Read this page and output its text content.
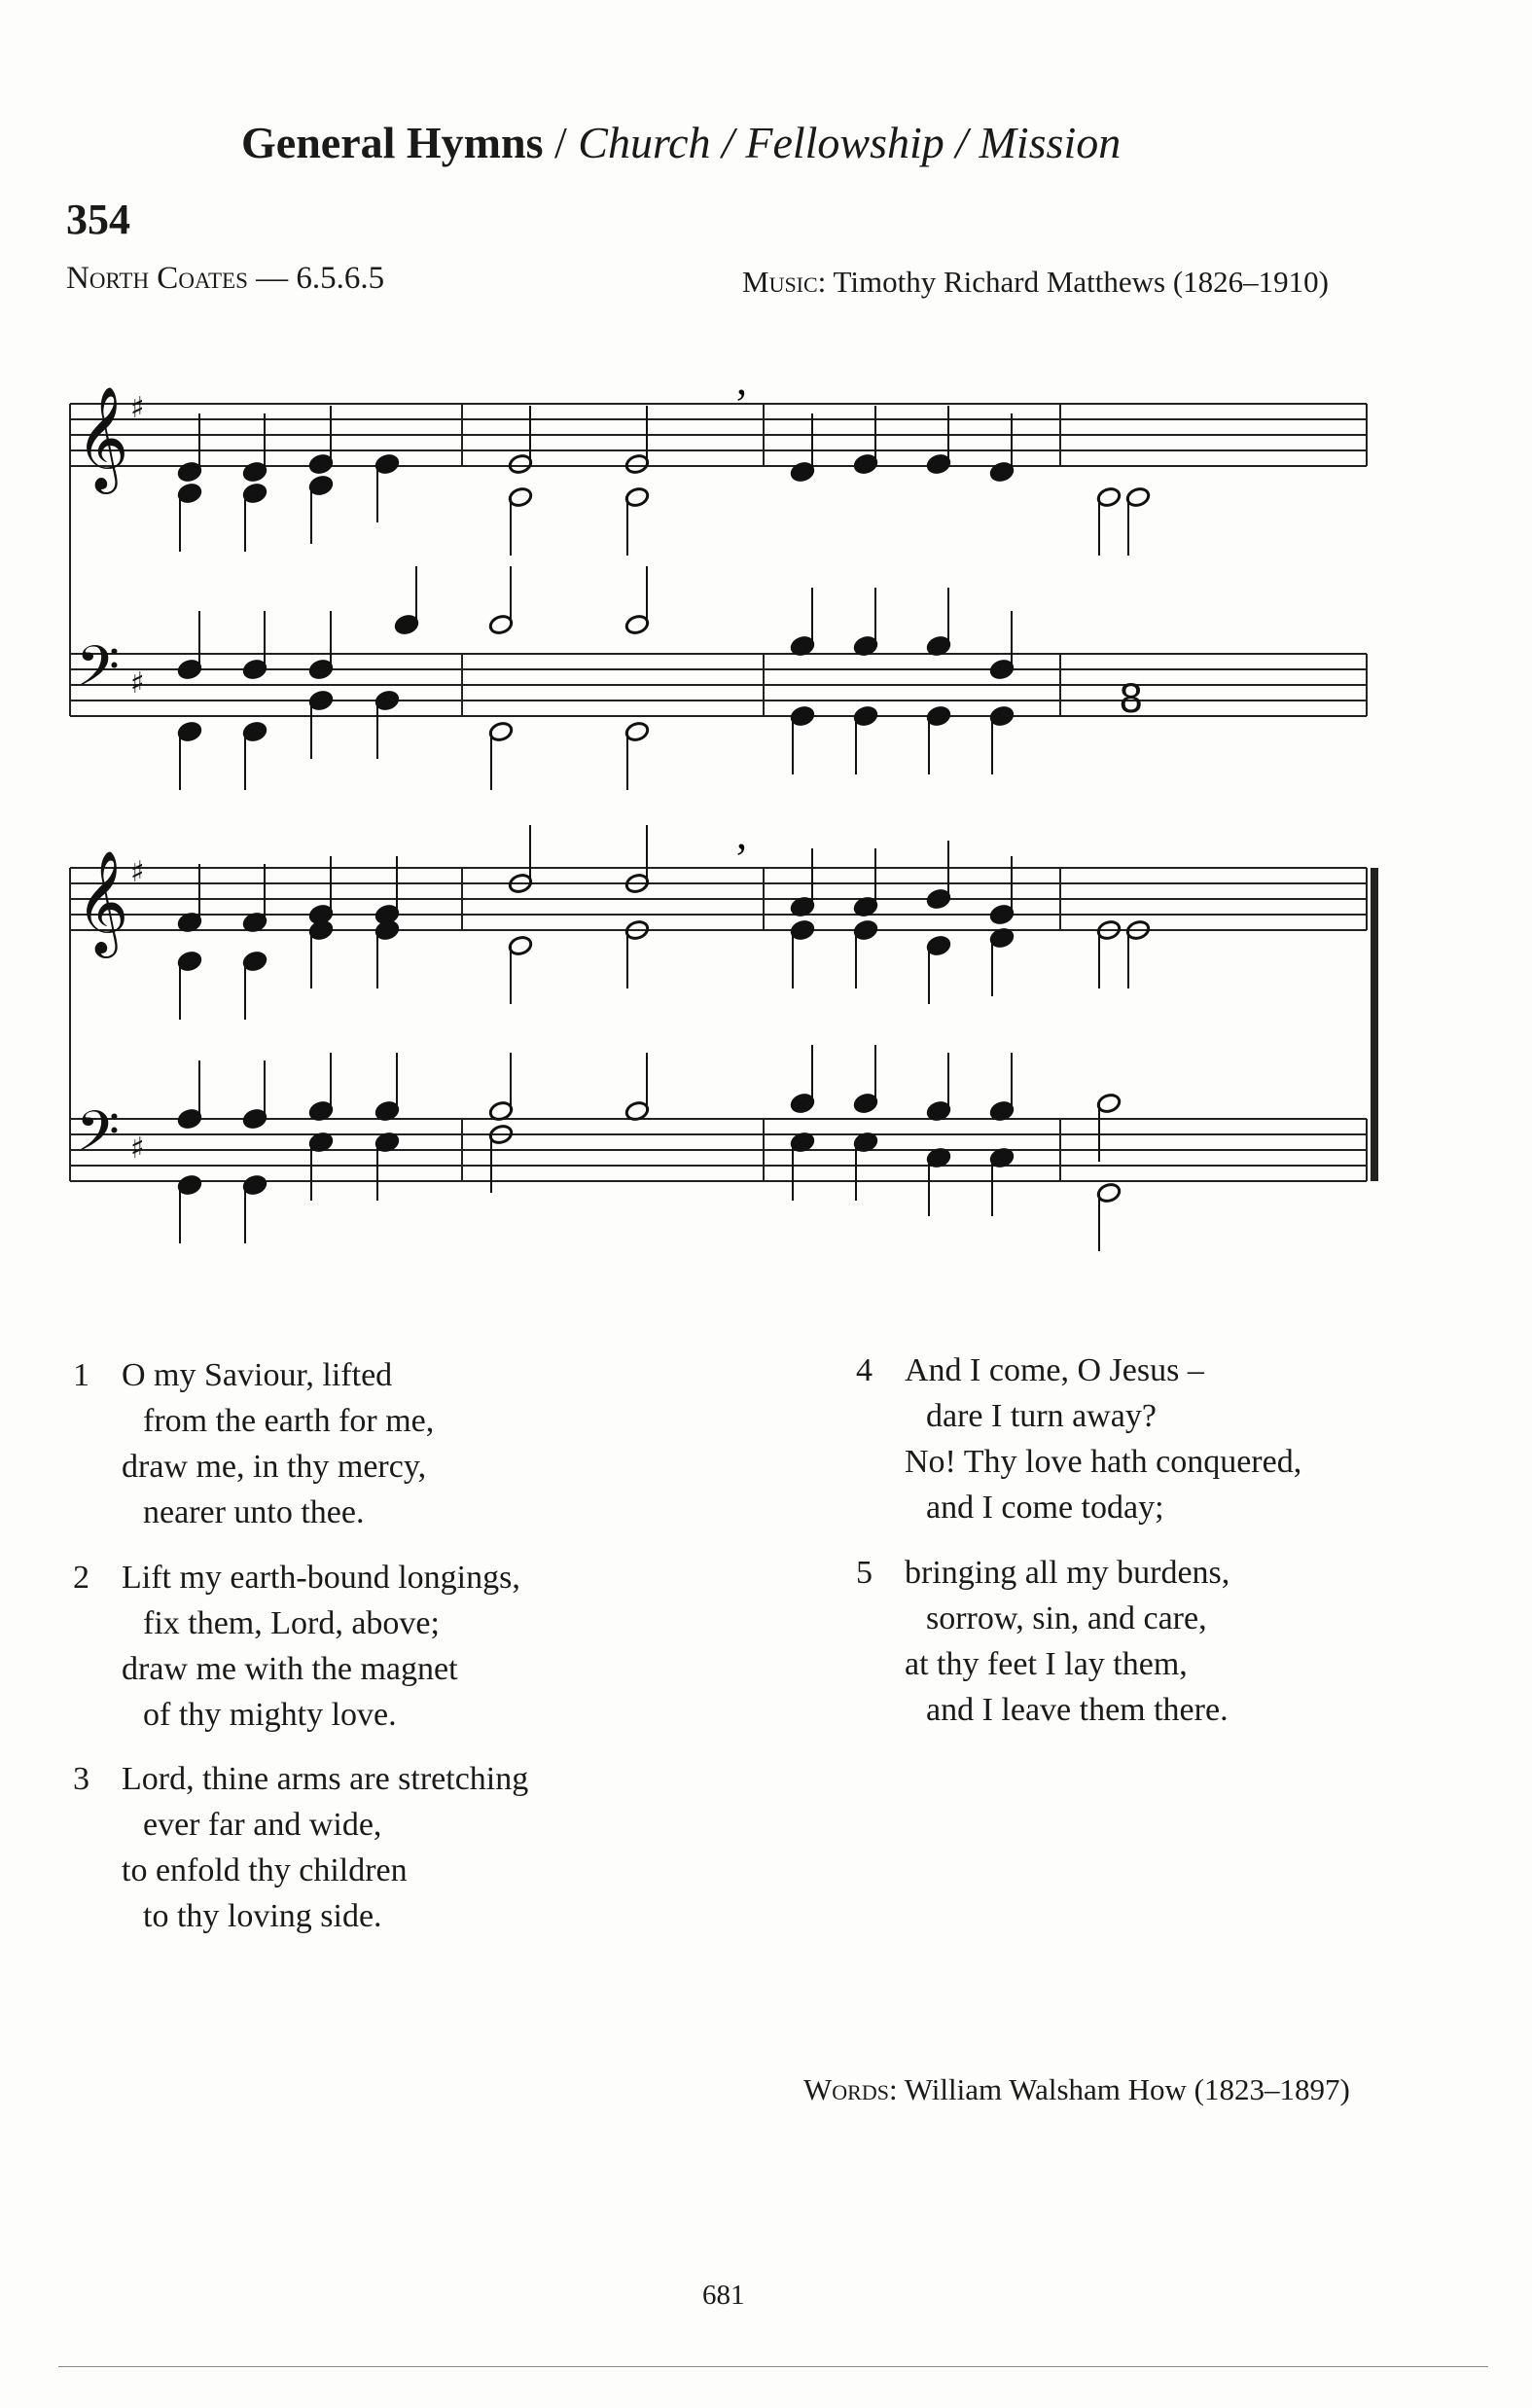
General Hymns / Church / Fellowship / Mission
354
North Coates — 6.5.6.5	Music: Timothy Richard Matthews (1826–1910)
𝄞 ♯
𝄢 ♯
𝄞 ♯
𝄢 ♯
8
,
,
1 O my Saviour, lifted
from the earth for me,
draw me, in thy mercy,
nearer unto thee.
2 Lift my earth-bound longings,
fix them, Lord, above;
draw me with the magnet
of thy mighty love.
3 Lord, thine arms are stretching
ever far and wide,
to enfold thy children
to thy loving side.
4 And I come, O Jesus –
dare I turn away?
No! Thy love hath conquered,
and I come today;
5 bringing all my burdens,
sorrow, sin, and care,
at thy feet I lay them,
and I leave them there.
Words: William Walsham How (1823–1897)
681
